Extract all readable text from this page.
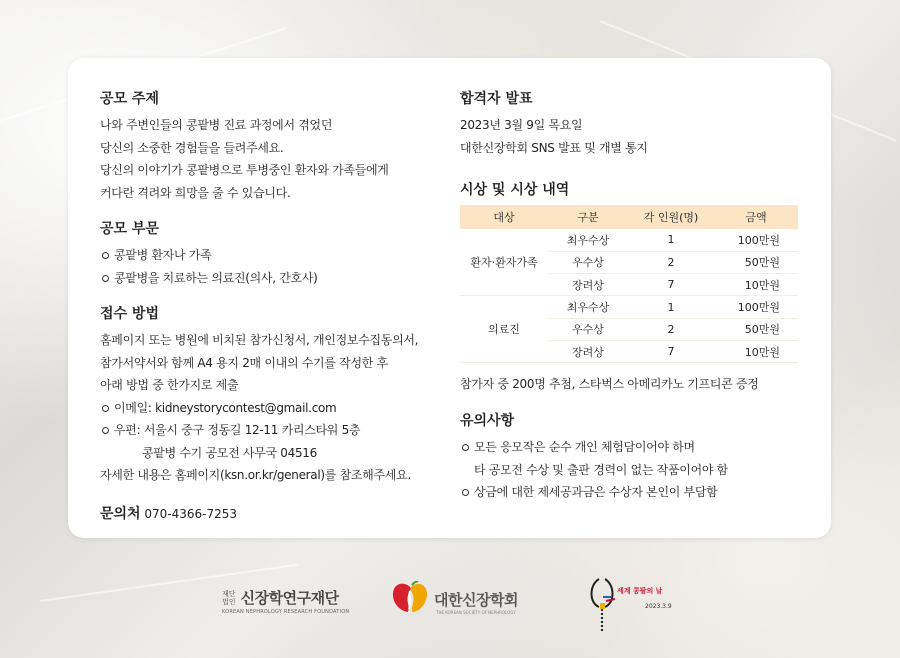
공모 주제
나와 주변인들의 콩팥병 진료 과정에서 겪었던
당신의 소중한 경험들을 들려주세요.
당신의 이야기가 콩팥병으로 투병중인 환자와 가족들에게
커다란 격려와 희망을 줄 수 있습니다.
공모 부문
콩팥병 환자나 가족
콩팥병을 치료하는 의료진(의사, 간호사)
접수 방법
홈페이지 또는 병원에 비치된 참가신청서, 개인정보수집동의서,
참가서약서와 함께 A4 용지 2매 이내의 수기를 작성한 후
아래 방법 중 한가지로 제출
이메일: kidneystorycontest@gmail.com
우편: 서울시 중구 정동길 12-11 카리스타워 5층
콩팥병 수기 공모전 사무국 04516
자세한 내용은 홈페이지(ksn.or.kr/general)를 참조해주세요.
문의처 070-4366-7253
합격자 발표
2023년 3월 9일 목요일
대한신장학회 SNS 발표 및 개별 통지
시상 및 시상 내역
대상	구분	각 인원(명)	금액
환자·환자가족	최우수상	1	100만원
	우수상	2	50만원
	장려상	7	10만원
의료진	최우수상	1	100만원
	우수상	2	50만원
	장려상	7	10만원
참가자 중 200명 추첨, 스타벅스 아메리카노 기프티콘 증정
유의사항
모든 응모작은 순수 개인 체험담이어야 하며
타 공모전 수상 및 출판 경력이 없는 작품이어야 함
상금에 대한 제세공과금은 수상자 본인이 부담함
재단
법인 신장학연구재단
KOREAN NEPHROLOGY RESEARCH FOUNDATION
대한신장학회
THE KOREAN SOCIETY OF NEPHROLOGY
세계 콩팥의 날
2023.3.9
